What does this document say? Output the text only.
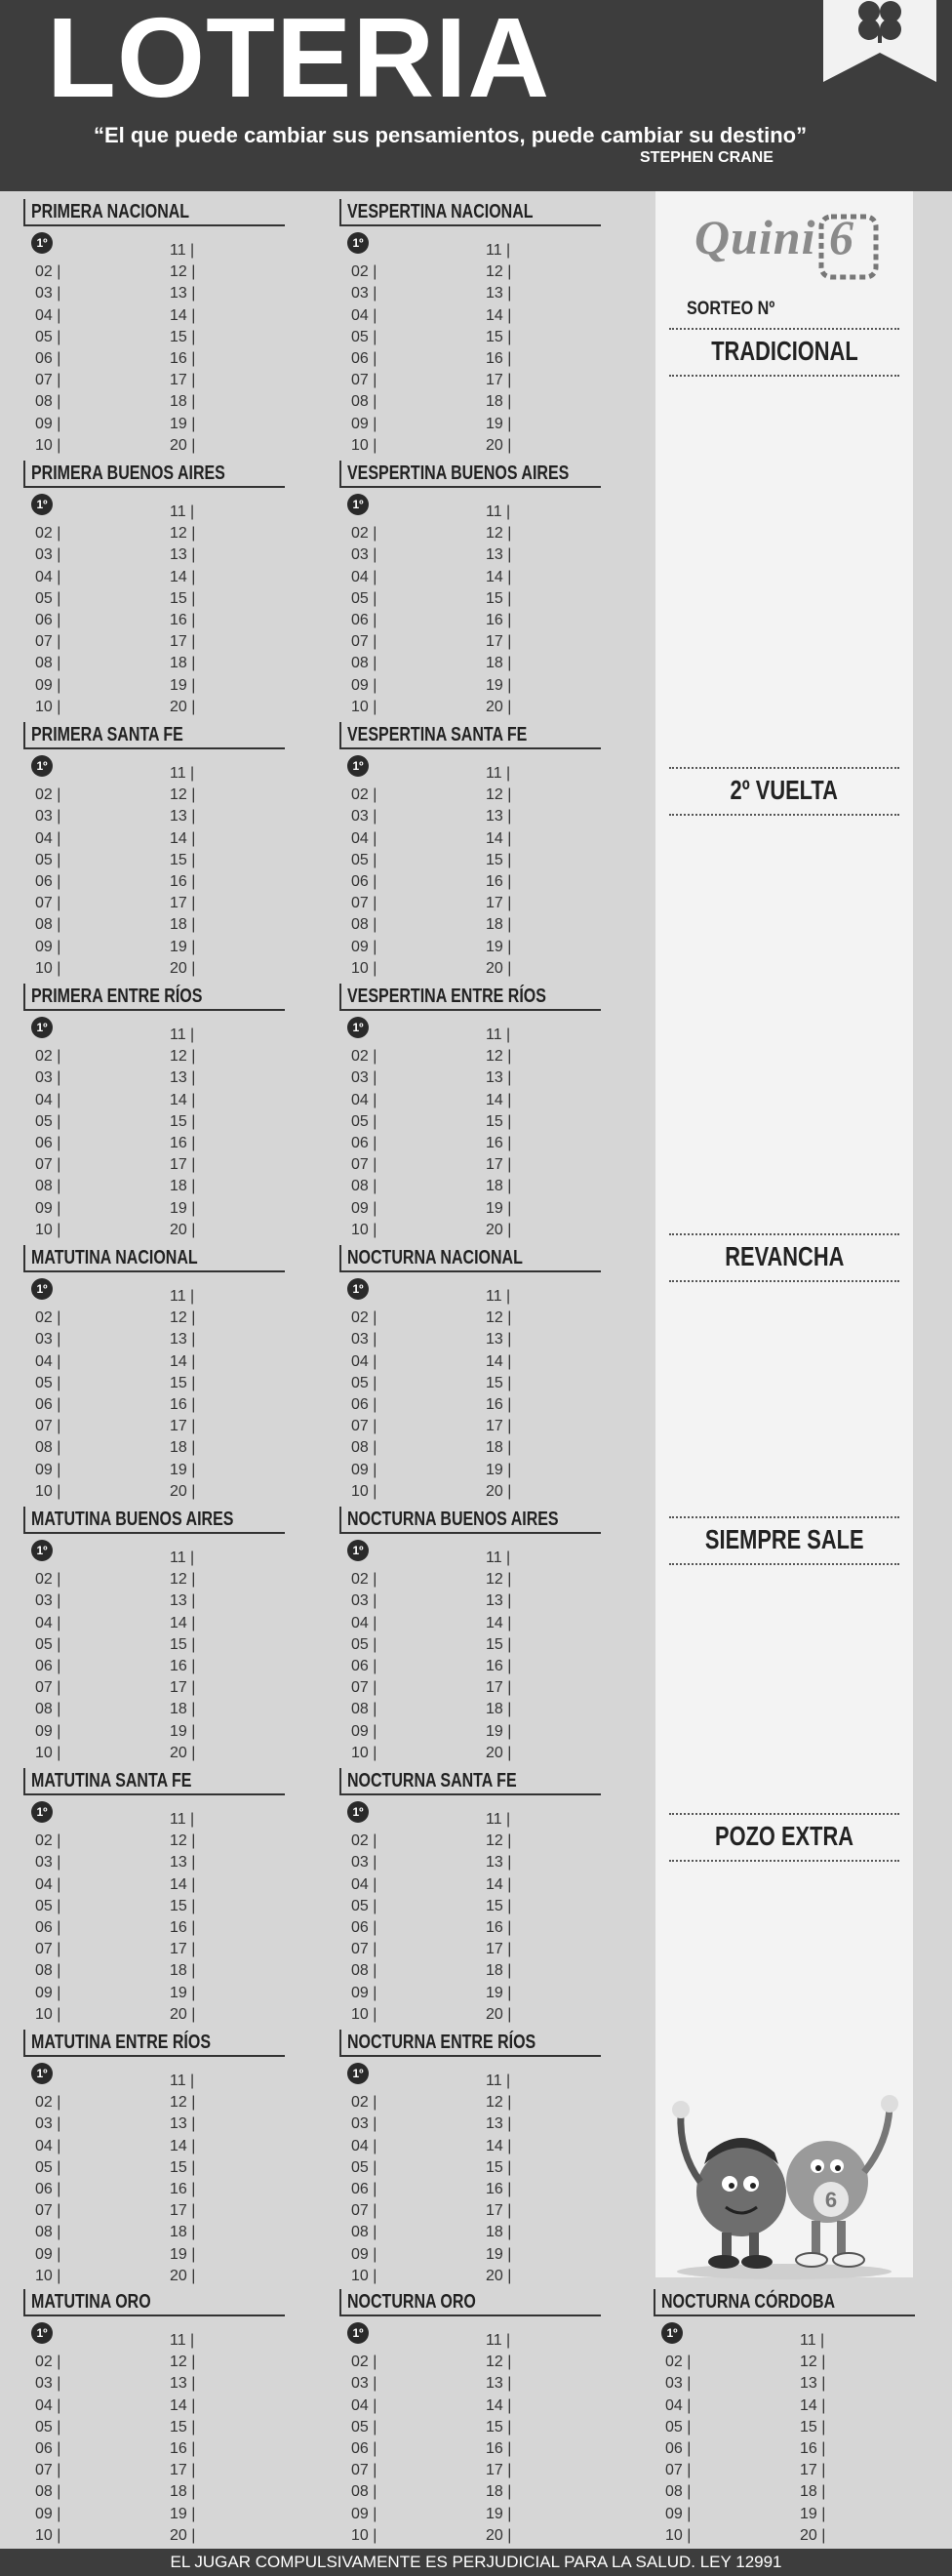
LOTERIA
“El que puede cambiar sus pensamientos, puede cambiar su destino”
STEPHEN CRANE
PRIMERA NACIONAL
1º
02 |
03 |
04 |
05 |
06 |
07 |
08 |
09 |
10 |
11 |
12 |
13 |
14 |
15 |
16 |
17 |
18 |
19 |
20 |
VESPERTINA NACIONAL
1º
02 |
03 |
04 |
05 |
06 |
07 |
08 |
09 |
10 |
11 |
12 |
13 |
14 |
15 |
16 |
17 |
18 |
19 |
20 |
PRIMERA BUENOS AIRES
1º
02 |
03 |
04 |
05 |
06 |
07 |
08 |
09 |
10 |
11 |
12 |
13 |
14 |
15 |
16 |
17 |
18 |
19 |
20 |
VESPERTINA BUENOS AIRES
1º
02 |
03 |
04 |
05 |
06 |
07 |
08 |
09 |
10 |
11 |
12 |
13 |
14 |
15 |
16 |
17 |
18 |
19 |
20 |
PRIMERA SANTA FE
1º
02 |
03 |
04 |
05 |
06 |
07 |
08 |
09 |
10 |
11 |
12 |
13 |
14 |
15 |
16 |
17 |
18 |
19 |
20 |
VESPERTINA SANTA FE
1º
02 |
03 |
04 |
05 |
06 |
07 |
08 |
09 |
10 |
11 |
12 |
13 |
14 |
15 |
16 |
17 |
18 |
19 |
20 |
PRIMERA ENTRE RÍOS
1º
02 |
03 |
04 |
05 |
06 |
07 |
08 |
09 |
10 |
11 |
12 |
13 |
14 |
15 |
16 |
17 |
18 |
19 |
20 |
VESPERTINA ENTRE RÍOS
1º
02 |
03 |
04 |
05 |
06 |
07 |
08 |
09 |
10 |
11 |
12 |
13 |
14 |
15 |
16 |
17 |
18 |
19 |
20 |
MATUTINA NACIONAL
1º
02 |
03 |
04 |
05 |
06 |
07 |
08 |
09 |
10 |
11 |
12 |
13 |
14 |
15 |
16 |
17 |
18 |
19 |
20 |
NOCTURNA NACIONAL
1º
02 |
03 |
04 |
05 |
06 |
07 |
08 |
09 |
10 |
11 |
12 |
13 |
14 |
15 |
16 |
17 |
18 |
19 |
20 |
MATUTINA BUENOS AIRES
1º
02 |
03 |
04 |
05 |
06 |
07 |
08 |
09 |
10 |
11 |
12 |
13 |
14 |
15 |
16 |
17 |
18 |
19 |
20 |
NOCTURNA BUENOS AIRES
1º
02 |
03 |
04 |
05 |
06 |
07 |
08 |
09 |
10 |
11 |
12 |
13 |
14 |
15 |
16 |
17 |
18 |
19 |
20 |
MATUTINA SANTA FE
1º
02 |
03 |
04 |
05 |
06 |
07 |
08 |
09 |
10 |
11 |
12 |
13 |
14 |
15 |
16 |
17 |
18 |
19 |
20 |
NOCTURNA SANTA FE
1º
02 |
03 |
04 |
05 |
06 |
07 |
08 |
09 |
10 |
11 |
12 |
13 |
14 |
15 |
16 |
17 |
18 |
19 |
20 |
MATUTINA ENTRE RÍOS
1º
02 |
03 |
04 |
05 |
06 |
07 |
08 |
09 |
10 |
11 |
12 |
13 |
14 |
15 |
16 |
17 |
18 |
19 |
20 |
NOCTURNA ENTRE RÍOS
1º
02 |
03 |
04 |
05 |
06 |
07 |
08 |
09 |
10 |
11 |
12 |
13 |
14 |
15 |
16 |
17 |
18 |
19 |
20 |
MATUTINA ORO
1º
02 |
03 |
04 |
05 |
06 |
07 |
08 |
09 |
10 |
11 |
12 |
13 |
14 |
15 |
16 |
17 |
18 |
19 |
20 |
NOCTURNA ORO
1º
02 |
03 |
04 |
05 |
06 |
07 |
08 |
09 |
10 |
11 |
12 |
13 |
14 |
15 |
16 |
17 |
18 |
19 |
20 |
NOCTURNA CÓRDOBA
1º
02 |
03 |
04 |
05 |
06 |
07 |
08 |
09 |
10 |
11 |
12 |
13 |
14 |
15 |
16 |
17 |
18 |
19 |
20 |
Quini 6
SORTEO Nº
TRADICIONAL
2º VUELTA
REVANCHA
SIEMPRE SALE
POZO EXTRA
6
EL JUGAR COMPULSIVAMENTE ES PERJUDICIAL PARA LA SALUD. LEY 12991
